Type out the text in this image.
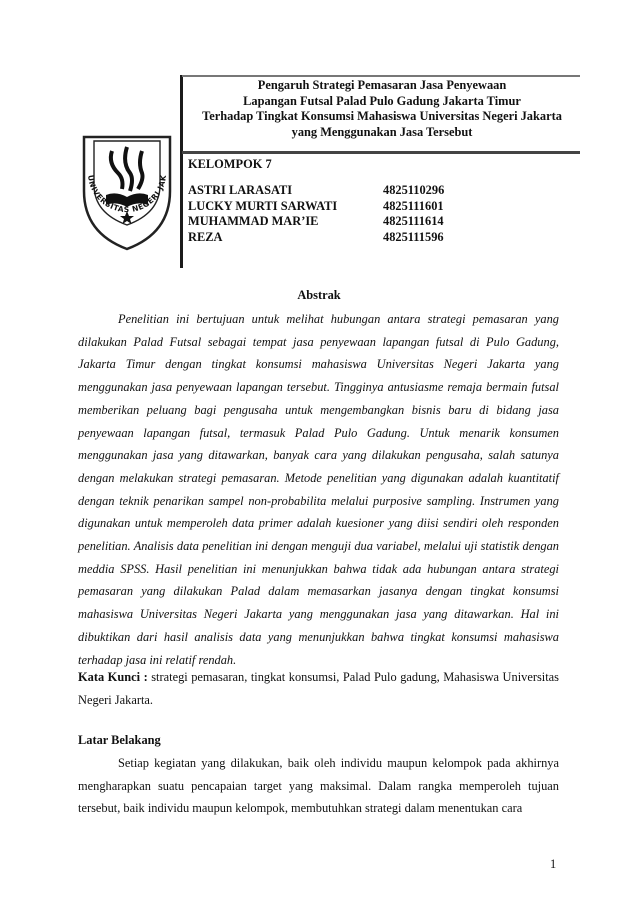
UNIVERSITAS NEGERI JAK
Pengaruh Strategi Pemasaran Jasa Penyewaan
Lapangan Futsal Palad Pulo Gadung Jakarta Timur
Terhadap Tingkat Konsumsi Mahasiswa Universitas Negeri Jakarta
yang Menggunakan Jasa Tersebut
KELOMPOK 7
ASTRI LARASATI	4825110296
LUCKY MURTI SARWATI	4825111601
MUHAMMAD MAR’IE	4825111614
REZA	4825111596
Abstrak
Penelitian ini bertujuan untuk melihat hubungan antara strategi pemasaran yang dilakukan Palad Futsal sebagai tempat jasa penyewaan lapangan futsal di Pulo Gadung, Jakarta Timur dengan tingkat konsumsi mahasiswa Universitas Negeri Jakarta yang menggunakan jasa penyewaan lapangan tersebut. Tingginya antusiasme remaja bermain futsal memberikan peluang bagi pengusaha untuk mengembangkan bisnis baru di bidang jasa penyewaan lapangan futsal, termasuk Palad Pulo Gadung. Untuk menarik konsumen menggunakan jasa yang ditawarkan, banyak cara yang dilakukan pengusaha, salah satunya dengan melakukan strategi pemasaran. Metode penelitian yang digunakan adalah kuantitatif dengan teknik penarikan sampel non-probabilita melalui purposive sampling. Instrumen yang digunakan untuk memperoleh data primer adalah kuesioner yang diisi sendiri oleh responden penelitian. Analisis data penelitian ini dengan menguji dua variabel, melalui uji statistik dengan meddia SPSS. Hasil penelitian ini menunjukkan bahwa tidak ada hubungan antara strategi pemasaran yang dilakukan Palad dalam memasarkan jasanya dengan tingkat konsumsi mahasiswa Universitas Negeri Jakarta yang menggunakan jasa yang ditawarkan. Hal ini dibuktikan dari hasil analisis data yang menunjukkan bahwa tingkat konsumsi mahasiswa terhadap jasa ini relatif rendah.
Kata Kunci : strategi pemasaran, tingkat konsumsi, Palad Pulo gadung, Mahasiswa Universitas Negeri Jakarta.
Latar Belakang
Setiap kegiatan yang dilakukan, baik oleh individu maupun kelompok pada akhirnya mengharapkan suatu pencapaian target yang maksimal. Dalam rangka memperoleh tujuan tersebut, baik individu maupun kelompok, membutuhkan strategi dalam menentukan cara
1
